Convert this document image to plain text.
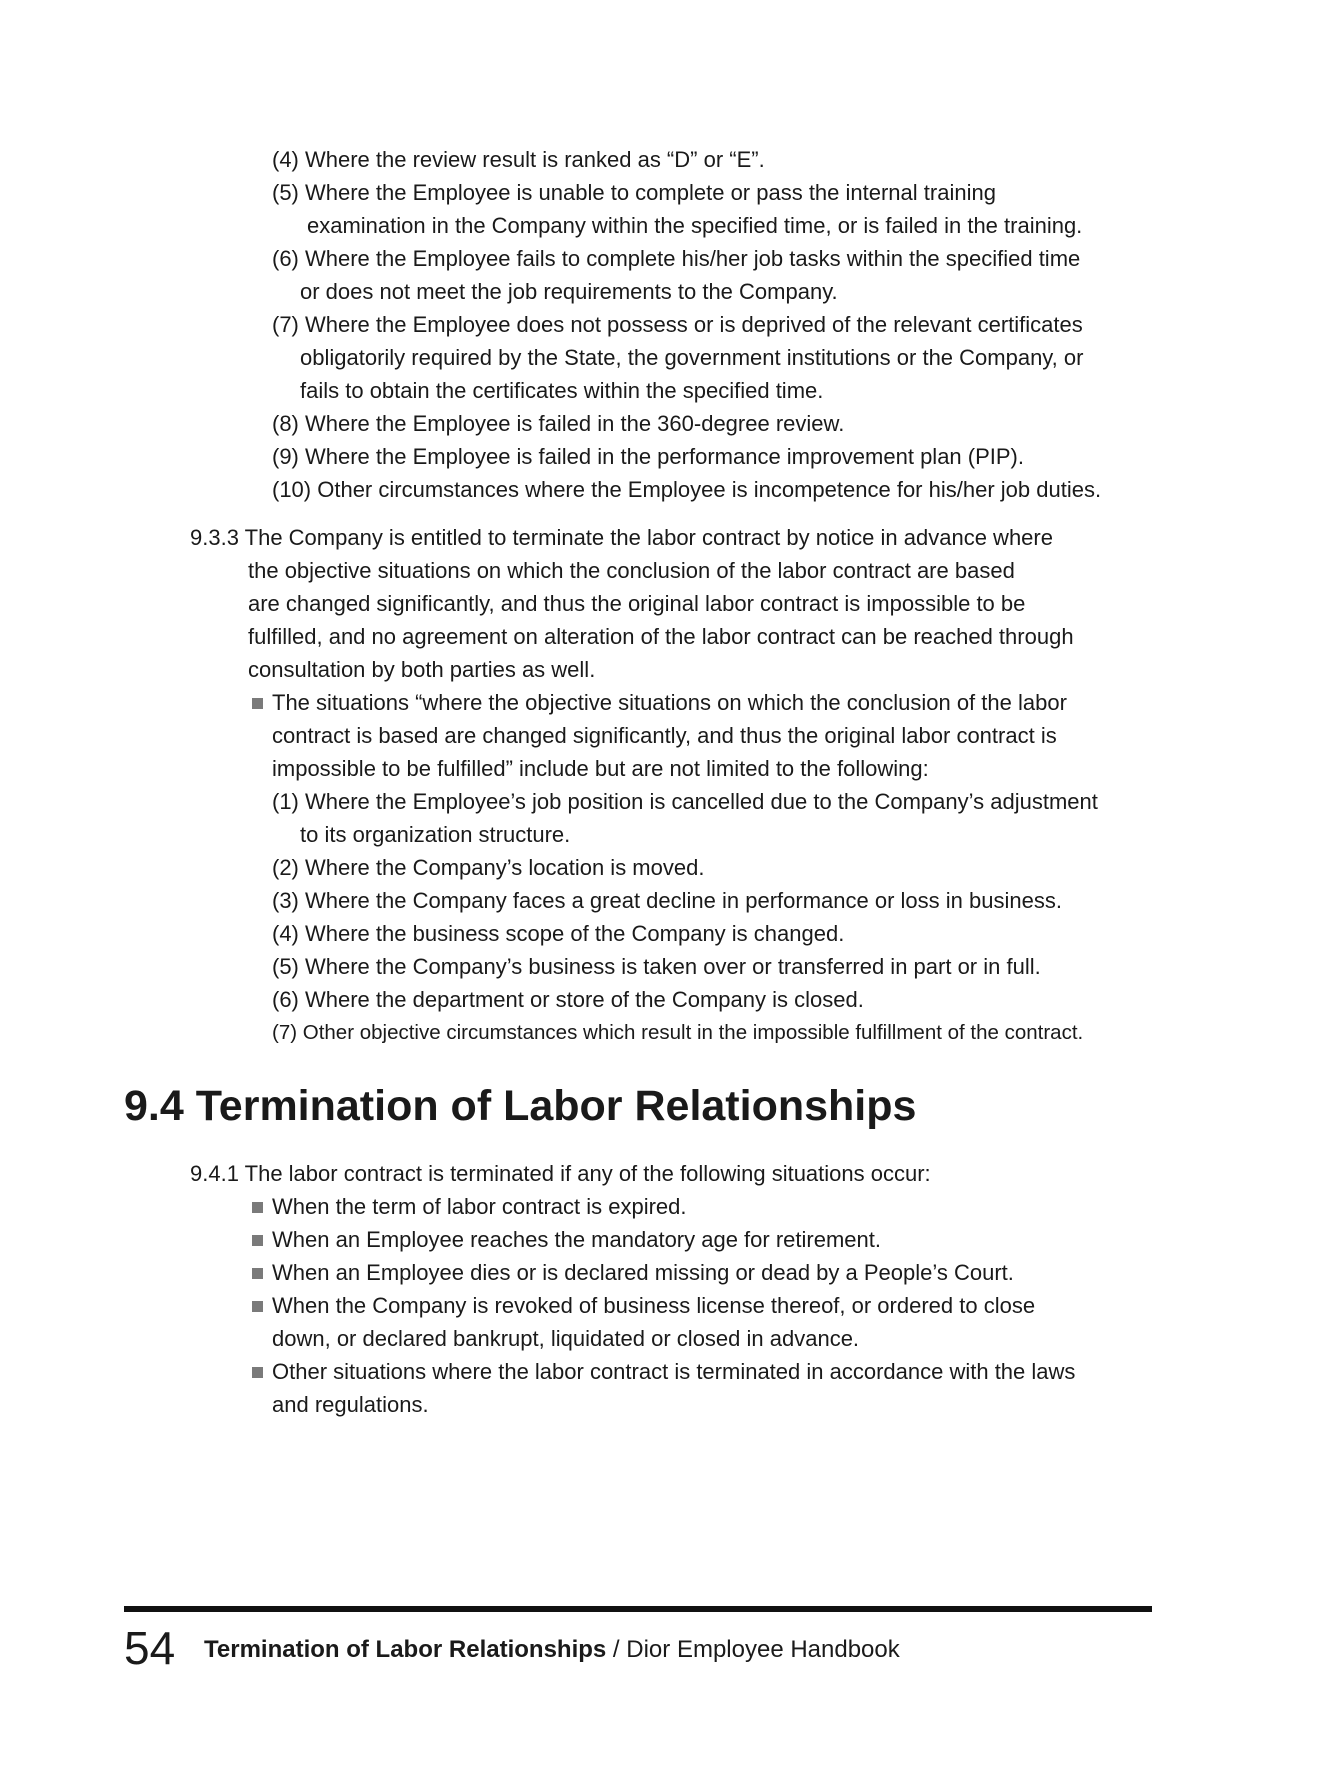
(4) Where the review result is ranked as “D” or “E”.
(5) Where the Employee is unable to complete or pass the internal training
examination in the Company within the specified time, or is failed in the training.
(6) Where the Employee fails to complete his/her job tasks within the specified time
or does not meet the job requirements to the Company.
(7) Where the Employee does not possess or is deprived of the relevant certificates
obligatorily required by the State, the government institutions or the Company, or
fails to obtain the certificates within the specified time.
(8) Where the Employee is failed in the 360-degree review.
(9) Where the Employee is failed in the performance improvement plan (PIP).
(10) Other circumstances where the Employee is incompetence for his/her job duties.
9.3.3 The Company is entitled to terminate the labor contract by notice in advance where
the objective situations on which the conclusion of the labor contract are based
are changed significantly, and thus the original labor contract is impossible to be
fulfilled, and no agreement on alteration of the labor contract can be reached through
consultation by both parties as well.
The situations “where the objective situations on which the conclusion of the labor
contract is based are changed significantly, and thus the original labor contract is
impossible to be fulfilled” include but are not limited to the following:
(1) Where the Employee’s job position is cancelled due to the Company’s adjustment
to its organization structure.
(2) Where the Company’s location is moved.
(3) Where the Company faces a great decline in performance or loss in business.
(4) Where the business scope of the Company is changed.
(5) Where the Company’s business is taken over or transferred in part or in full.
(6) Where the department or store of the Company is closed.
(7) Other objective circumstances which result in the impossible fulfillment of the contract.
9.4 Termination of Labor Relationships
9.4.1 The labor contract is terminated if any of the following situations occur:
When the term of labor contract is expired.
When an Employee reaches the mandatory age for retirement.
When an Employee dies or is declared missing or dead by a People’s Court.
When the Company is revoked of business license thereof, or ordered to close
down, or declared bankrupt, liquidated or closed in advance.
Other situations where the labor contract is terminated in accordance with the laws
and regulations.
54 Termination of Labor Relationships / Dior Employee Handbook
